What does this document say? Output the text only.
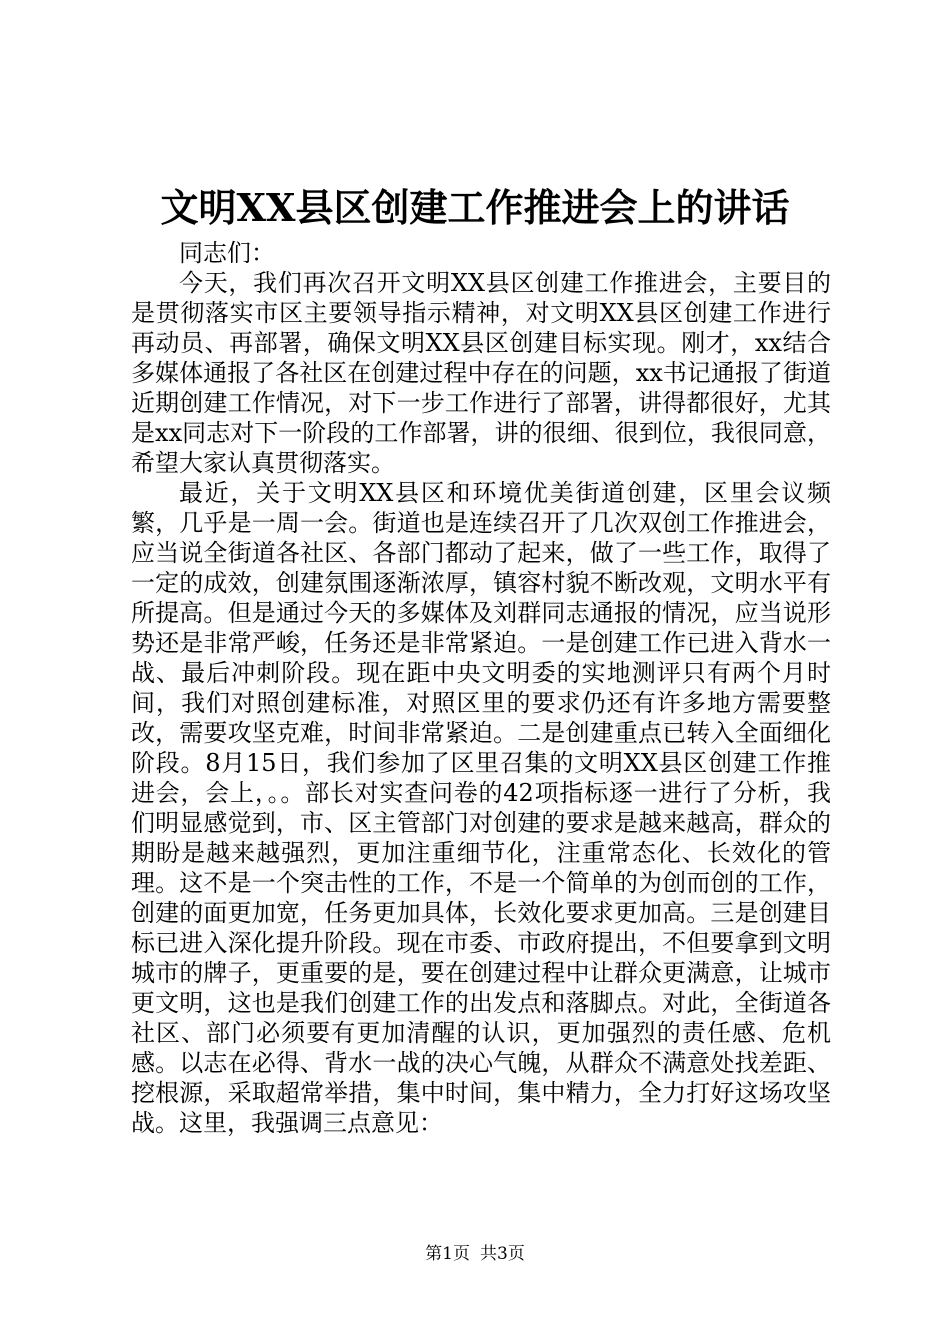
文明XX县区创建工作推进会上的讲话

同志们：

今天，我们再次召开文明XX县区创建工作推进会，主要目的是贯彻落实市区主要领导指示精神，对文明XX县区创建工作进行再动员、再部署，确保文明XX县区创建目标实现。刚才，xx结合多媒体通报了各社区在创建过程中存在的问题，xx书记通报了街道近期创建工作情况，对下一步工作进行了部署，讲得都很好，尤其是xx同志对下一阶段的工作部署，讲的很细、很到位，我很同意，希望大家认真贯彻落实。

最近，关于文明XX县区和环境优美街道创建，区里会议频繁，几乎是一周一会。街道也是连续召开了几次双创工作推进会，应当说全街道各社区、各部门都动了起来，做了一些工作，取得了一定的成效，创建氛围逐渐浓厚，镇容村貌不断改观，文明水平有所提高。但是通过今天的多媒体及刘群同志通报的情况，应当说形势还是非常严峻，任务还是非常紧迫。一是创建工作已进入背水一战、最后冲刺阶段。现在距中央文明委的实地测评只有两个月时间，我们对照创建标准，对照区里的要求仍还有许多地方需要整改，需要攻坚克难，时间非常紧迫。二是创建重点已转入全面细化阶段。8月15日，我们参加了区里召集的文明XX县区创建工作推进会，会上，。。部长对实查问卷的42项指标逐一进行了分析，我们明显感觉到，市、区主管部门对创建的要求是越来越高，群众的期盼是越来越强烈，更加注重细节化，注重常态化、长效化的管理。这不是一个突击性的工作，不是一个简单的为创而创的工作，创建的面更加宽，任务更加具体，长效化要求更加高。三是创建目标已进入深化提升阶段。现在市委、市政府提出，不但要拿到文明城市的牌子，更重要的是，要在创建过程中让群众更满意，让城市更文明，这也是我们创建工作的出发点和落脚点。对此，全街道各社区、部门必须要有更加清醒的认识，更加强烈的责任感、危机感。以志在必得、背水一战的决心气魄，从群众不满意处找差距、挖根源，采取超常举措，集中时间，集中精力，全力打好这场攻坚战。这里，我强调三点意见：

第1页 共3页
